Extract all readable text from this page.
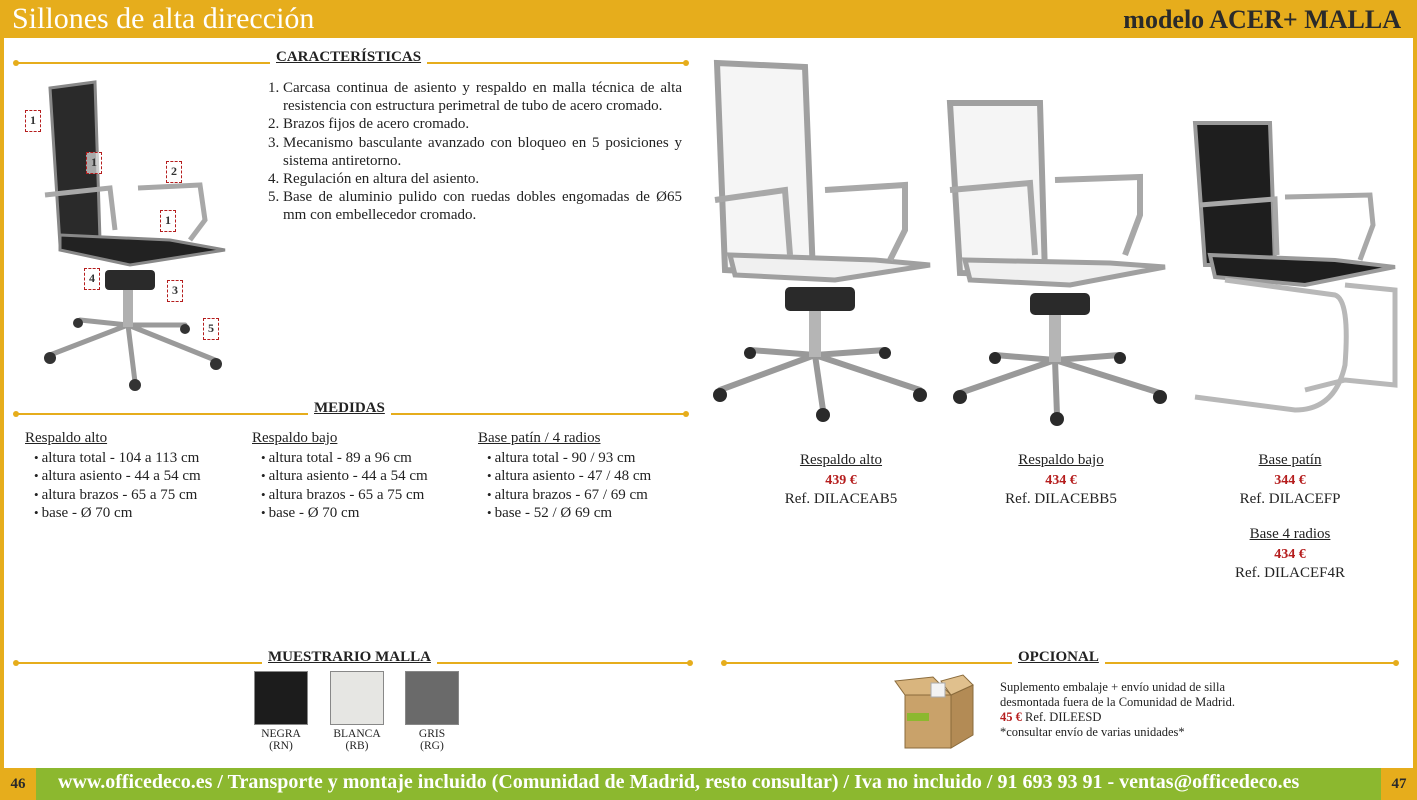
Sillones de alta dirección	modelo ACER+ MALLA
CARACTERÍSTICAS
1
1
2
1
4
3
5
1. Carcasa continua de asiento y respaldo en malla técnica de alta resistencia con estructura perimetral de tubo de acero cromado.
2. Brazos fijos de acero cromado.
3. Mecanismo basculante avanzado con bloqueo en 5 posiciones y sistema antiretorno.
4. Regulación en altura del asiento.
5. Base de aluminio pulido con ruedas dobles engomadas de Ø65 mm con embellecedor cromado.
MEDIDAS
Respaldo alto
• altura total - 104 a 113 cm
• altura asiento - 44 a 54 cm
• altura brazos - 65 a 75 cm
• base - Ø 70 cm
Respaldo bajo
• altura total - 89 a 96 cm
• altura asiento - 44 a 54 cm
• altura brazos - 65 a 75 cm
• base - Ø 70 cm
Base patín / 4 radios
• altura total - 90 / 93 cm
• altura asiento - 47 / 48 cm
• altura brazos - 67 / 69 cm
• base - 52 / Ø 69 cm
Respaldo alto
439 €
Ref. DILACEAB5
Respaldo bajo
434 €
Ref. DILACEBB5
Base patín
344 €
Ref. DILACEFP
Base 4 radios
434 €
Ref. DILACEF4R
MUESTRARIO MALLA
NEGRA
(RN)
BLANCA
(RB)
GRIS
(RG)
OPCIONAL
Suplemento embalaje + envío unidad de silla desmontada fuera de la Comunidad de Madrid. 45 € Ref. DILEESD
*consultar envío de varias unidades*
46	www.officedeco.es / Transporte y montaje incluido (Comunidad de Madrid, resto consultar) / Iva no incluido / 91 693 93 91 - ventas@officedeco.es	47
